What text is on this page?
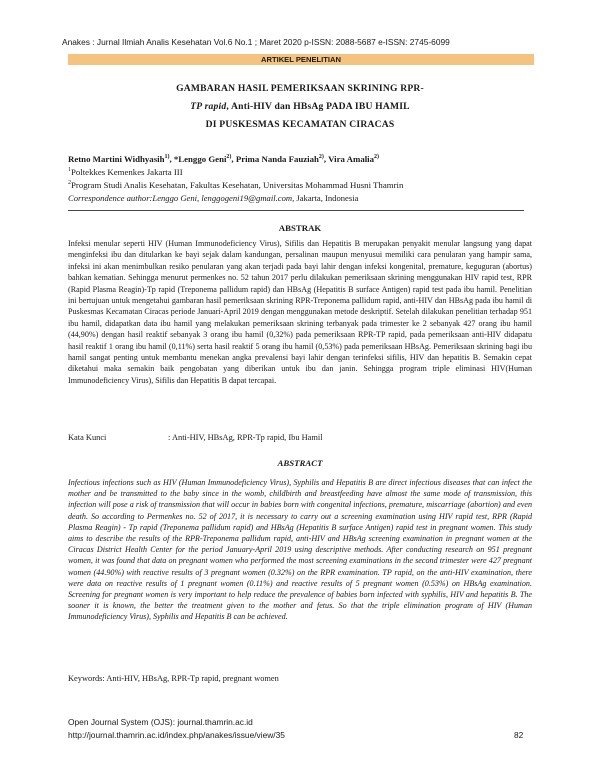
Anakes : Jurnal Ilmiah Analis Kesehatan Vol.6 No.1 ; Maret 2020 p-ISSN: 2088-5687 e-ISSN: 2745-6099
ARTIKEL PENELITIAN
GAMBARAN HASIL PEMERIKSAAN SKRINING RPR-
TP rapid, Anti-HIV dan HBsAg PADA IBU HAMIL
DI PUSKESMAS KECAMATAN CIRACAS
Retno Martini Widhyasih$^{1)}$, *Lenggo Geni$^{2)}$, Prima Nanda Fauziah$^{2)}$, Vira Amalia$^{2)}$
$^1$Poltekkes Kemenkes Jakarta III
$^2$Program Studi Analis Kesehatan, Fakultas Kesehatan, Universitas Mohammad Husni Thamrin
Correspondence author:Lenggo Geni, lenggogeni19@gmail.com, Jakarta, Indonesia
ABSTRAK

Infeksi menular seperti HIV (Human Immunodeficiency Virus), Sifilis dan Hepatitis B merupakan penyakit menular langsung yang dapat menginfeksi ibu dan ditularkan ke bayi sejak dalam kandungan, persalinan maupun menyusui memiliki cara penularan yang hampir sama, infeksi ini akan menimbulkan resiko penularan yang akan terjadi pada bayi lahir dengan infeksi kongenital, premature, keguguran (abortus) bahkan kematian. Sehingga menurut permenkes no. 52 tahun 2017 perlu dilakukan pemeriksaan skrining menggunakan HIV rapid test, RPR (Rapid Plasma Reagin)-Tp rapid (Treponema pallidum rapid) dan HBsAg (Hepatitis B surface Antigen) rapid test pada ibu hamil. Penelitian ini bertujuan untuk mengetahui gambaran hasil pemeriksaan skrining RPR-Treponema pallidum rapid, anti-HIV dan HBsAg pada ibu hamil di Puskesmas Kecamatan Ciracas periode Januari-April 2019 dengan menggunakan metode deskriptif. Setelah dilakukan penelitian terhadap 951 ibu hamil, didapatkan data ibu hamil yang melakukan pemeriksaan skrining terbanyak pada trimester ke 2 sebanyak 427 orang ibu hamil (44,90%) dengan hasil reaktif sebanyak 3 orang ibu hamil (0,32%) pada pemeriksaan RPR-TP rapid, pada pemeriksaan anti-HIV didapatu hasil reaktif 1 orang ibu hamil (0,11%) serta hasil reaktif 5 orang ibu hamil (0,53%) pada pemeriksaan HBsAg. Pemeriksaan skrining bagi ibu hamil sangat penting untuk membantu menekan angka prevalensi bayi lahir dengan terinfeksi sifilis, HIV dan hepatitis B. Semakin cepat diketahui maka semakin baik pengobatan yang diberikan untuk ibu dan janin. Sehingga program triple eliminasi HIV(Human Immunodeficiency Virus), Sifilis dan Hepatitis B dapat tercapai.

Kata Kunci	: Anti-HIV, HBsAg, RPR-Tp rapid, Ibu Hamil
ABSTRACT

Infectious infections such as HIV (Human Immunodeficiency Virus), Syphilis and Hepatitis B are direct infectious diseases that can infect the mother and be transmitted to the baby since in the womb, childbirth and breastfeeding have almost the same mode of transmission, this infection will pose a risk of transmission that will occur in babies born with congenital infections, premature, miscarriage (abortion) and even death. So according to Permenkes no. 52 of 2017, it is necessary to carry out a screening examination using HIV rapid test, RPR (Rapid Plasma Reagin) - Tp rapid (Treponema pallidum rapid) and HBsAg (Hepatitis B surface Antigen) rapid test in pregnant women. This study aims to describe the results of the RPR-Treponema pallidum rapid, anti-HIV and HBsAg screening examination in pregnant women at the Ciracas District Health Center for the period January-April 2019 using descriptive methods. After conducting research on 951 pregnant women, it was found that data on pregnant women who performed the most screening examinations in the second trimester were 427 pregnant women (44.90%) with reactive results of 3 pregnant women (0.32%) on the RPR examination. TP rapid, on the anti-HIV examination, there were data on reactive results of 1 pregnant women (0.11%) and reactive results of 5 pregnant women (0.53%) on HBsAg examination. Screening for pregnant women is very important to help reduce the prevalence of babies born infected with syphilis, HIV and hepatitis B. The sooner it is known, the better the treatment given to the mother and fetus. So that the triple elimination program of HIV (Human Immunodeficiency Virus), Syphilis and Hepatitis B can be achieved.

Keywords: Anti-HIV, HBsAg, RPR-Tp rapid, pregnant women
Open Journal System (OJS): journal.thamrin.ac.id
http://journal.thamrin.ac.id/index.php/anakes/issue/view/35	82
